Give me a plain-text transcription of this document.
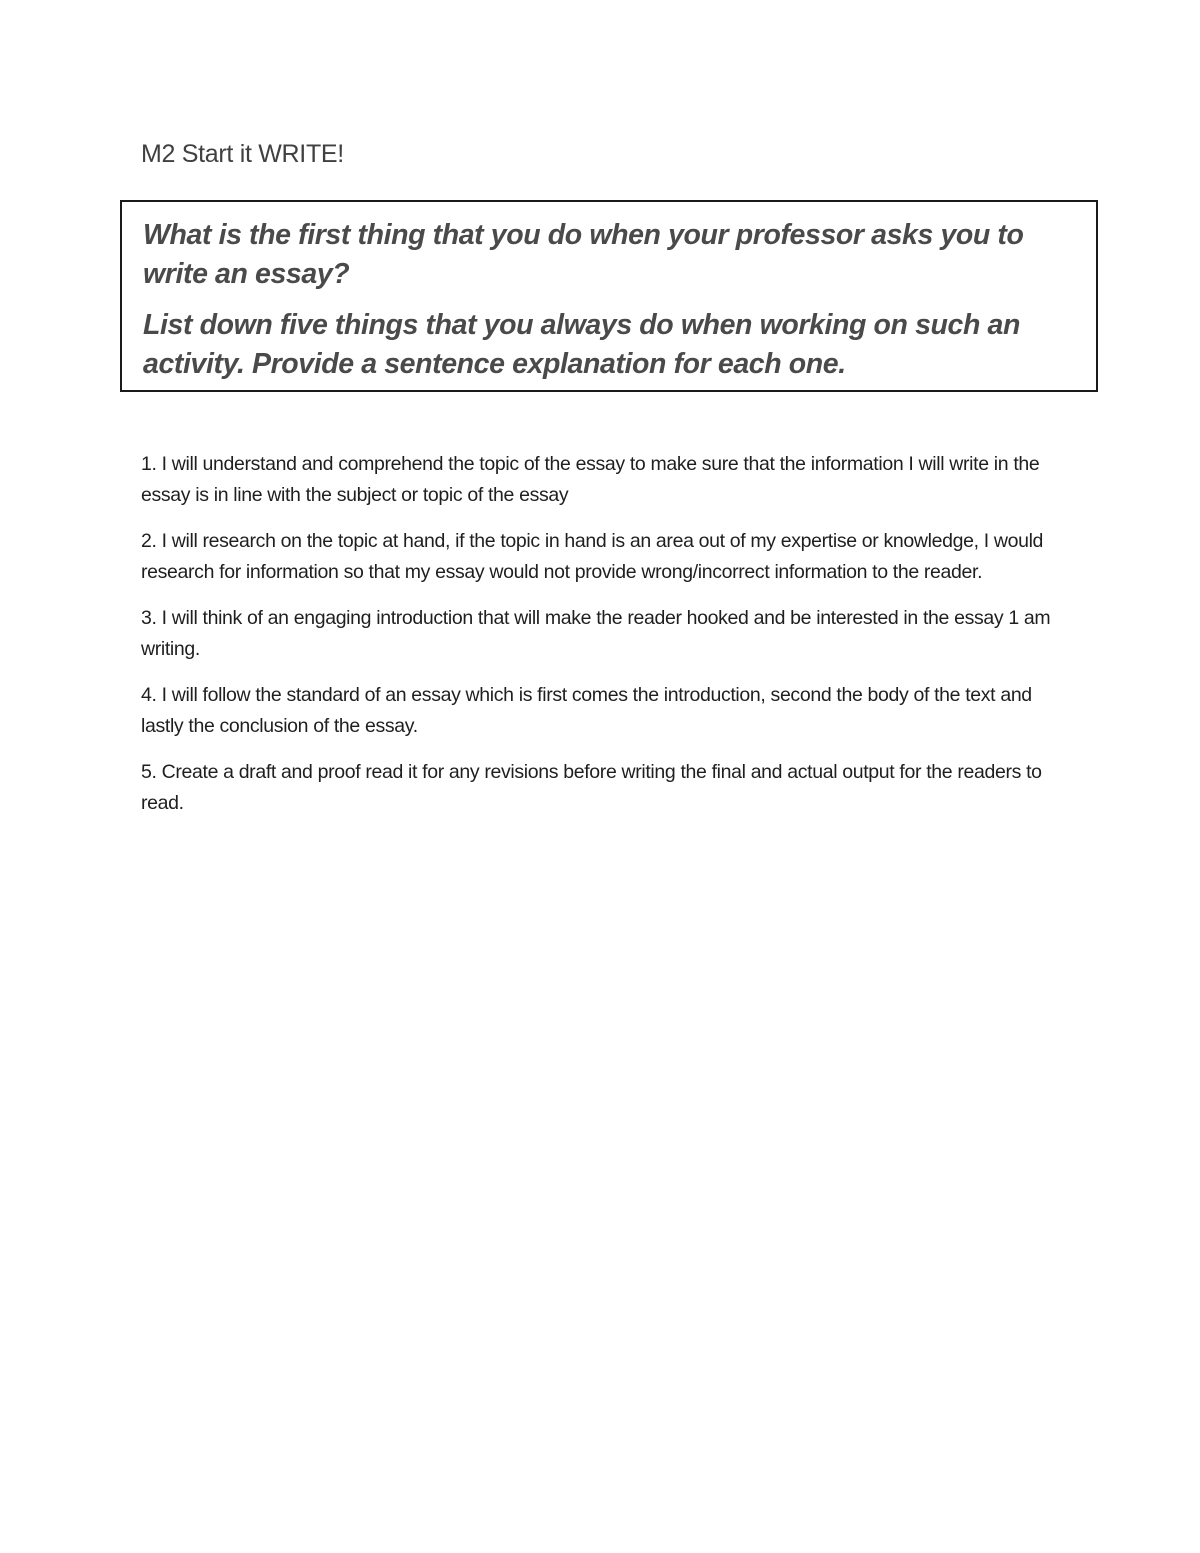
M2 Start it WRITE!

What is the first thing that you do when your professor asks you to write an essay?

List down five things that you always do when working on such an activity. Provide a sentence explanation for each one.

1. I will understand and comprehend the topic of the essay to make sure that the information I will write in the essay is in line with the subject or topic of the essay

2. I will research on the topic at hand, if the topic in hand is an area out of my expertise or knowledge, I would research for information so that my essay would not provide wrong/incorrect information to the reader.

3. I will think of an engaging introduction that will make the reader hooked and be interested in the essay 1 am writing.

4. I will follow the standard of an essay which is first comes the introduction, second the body of the text and lastly the conclusion of the essay.

5. Create a draft and proof read it for any revisions before writing the final and actual output for the readers to read.
